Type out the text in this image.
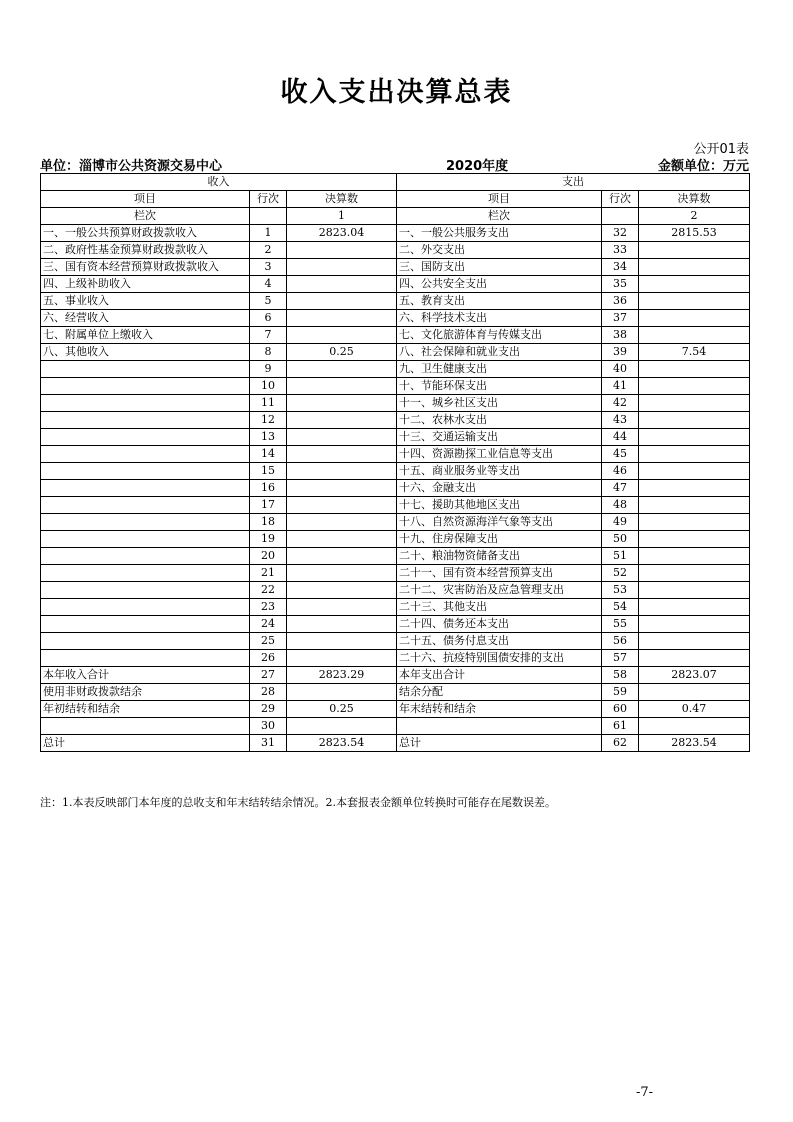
收入支出决算总表
公开01表
单位：淄博市公共资源交易中心	2020年度	金额单位：万元
收入			支出		
项目	行次	决算数	项目	行次	决算数
栏次		1	栏次		2
一、一般公共预算财政拨款收入	1	2823.04	一、一般公共服务支出	32	2815.53
二、政府性基金预算财政拨款收入	2		二、外交支出	33	
三、国有资本经营预算财政拨款收入	3		三、国防支出	34	
四、上级补助收入	4		四、公共安全支出	35	
五、事业收入	5		五、教育支出	36	
六、经营收入	6		六、科学技术支出	37	
七、附属单位上缴收入	7		七、文化旅游体育与传媒支出	38	
八、其他收入	8	0.25	八、社会保障和就业支出	39	7.54
	9		九、卫生健康支出	40	
	10		十、节能环保支出	41	
	11		十一、城乡社区支出	42	
	12		十二、农林水支出	43	
	13		十三、交通运输支出	44	
	14		十四、资源勘探工业信息等支出	45	
	15		十五、商业服务业等支出	46	
	16		十六、金融支出	47	
	17		十七、援助其他地区支出	48	
	18		十八、自然资源海洋气象等支出	49	
	19		十九、住房保障支出	50	
	20		二十、粮油物资储备支出	51	
	21		二十一、国有资本经营预算支出	52	
	22		二十二、灾害防治及应急管理支出	53	
	23		二十三、其他支出	54	
	24		二十四、债务还本支出	55	
	25		二十五、债务付息支出	56	
	26		二十六、抗疫特别国债安排的支出	57	
本年收入合计	27	2823.29	本年支出合计	58	2823.07
使用非财政拨款结余	28		结余分配	59	
年初结转和结余	29	0.25	年末结转和结余	60	0.47
	30			61	
总计	31	2823.54	总计	62	2823.54
注：1.本表反映部门本年度的总收支和年末结转结余情况。2.本套报表金额单位转换时可能存在尾数误差。
-7-
